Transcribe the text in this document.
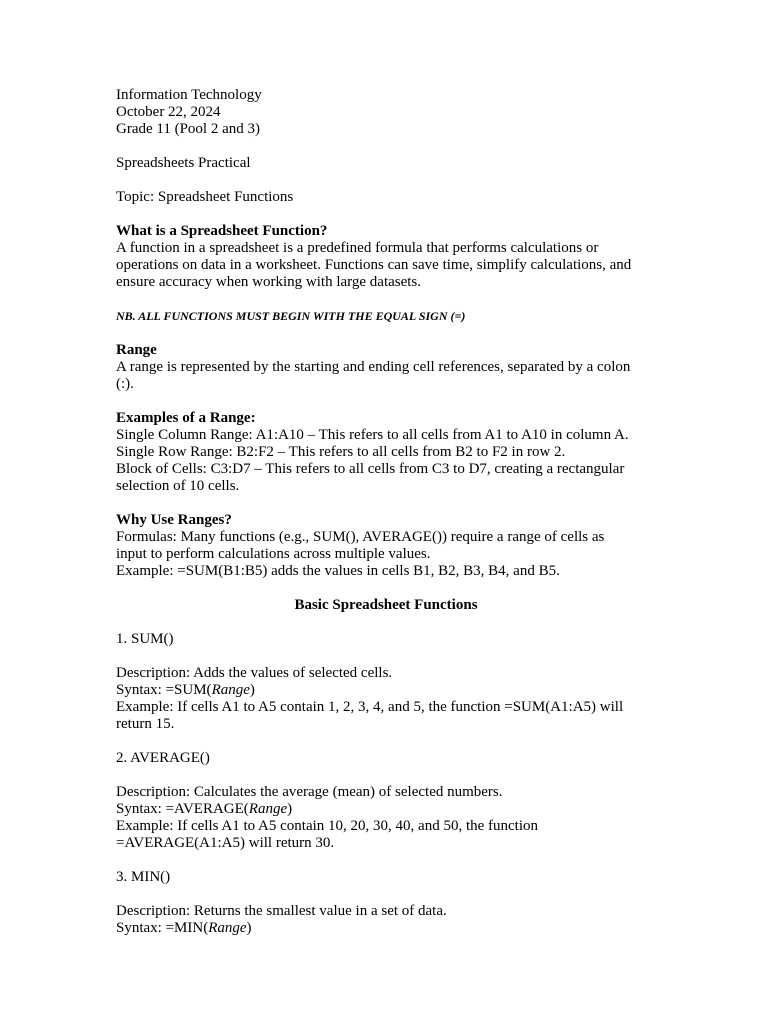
Information Technology
October 22, 2024
Grade 11 (Pool 2 and 3)
Spreadsheets Practical
Topic: Spreadsheet Functions
What is a Spreadsheet Function?
A function in a spreadsheet is a predefined formula that performs calculations or
operations on data in a worksheet. Functions can save time, simplify calculations, and
ensure accuracy when working with large datasets.
NB. ALL FUNCTIONS MUST BEGIN WITH THE EQUAL SIGN (=)
Range
A range is represented by the starting and ending cell references, separated by a colon
(:).
Examples of a Range:
Single Column Range: A1:A10 – This refers to all cells from A1 to A10 in column A.
Single Row Range: B2:F2 – This refers to all cells from B2 to F2 in row 2.
Block of Cells: C3:D7 – This refers to all cells from C3 to D7, creating a rectangular
selection of 10 cells.
Why Use Ranges?
Formulas: Many functions (e.g., SUM(), AVERAGE()) require a range of cells as
input to perform calculations across multiple values.
Example: =SUM(B1:B5) adds the values in cells B1, B2, B3, B4, and B5.
Basic Spreadsheet Functions
1. SUM()
Description: Adds the values of selected cells.
Syntax: =SUM(Range)
Example: If cells A1 to A5 contain 1, 2, 3, 4, and 5, the function =SUM(A1:A5) will
return 15.
2. AVERAGE()
Description: Calculates the average (mean) of selected numbers.
Syntax: =AVERAGE(Range)
Example: If cells A1 to A5 contain 10, 20, 30, 40, and 50, the function
=AVERAGE(A1:A5) will return 30.
3. MIN()
Description: Returns the smallest value in a set of data.
Syntax: =MIN(Range)
